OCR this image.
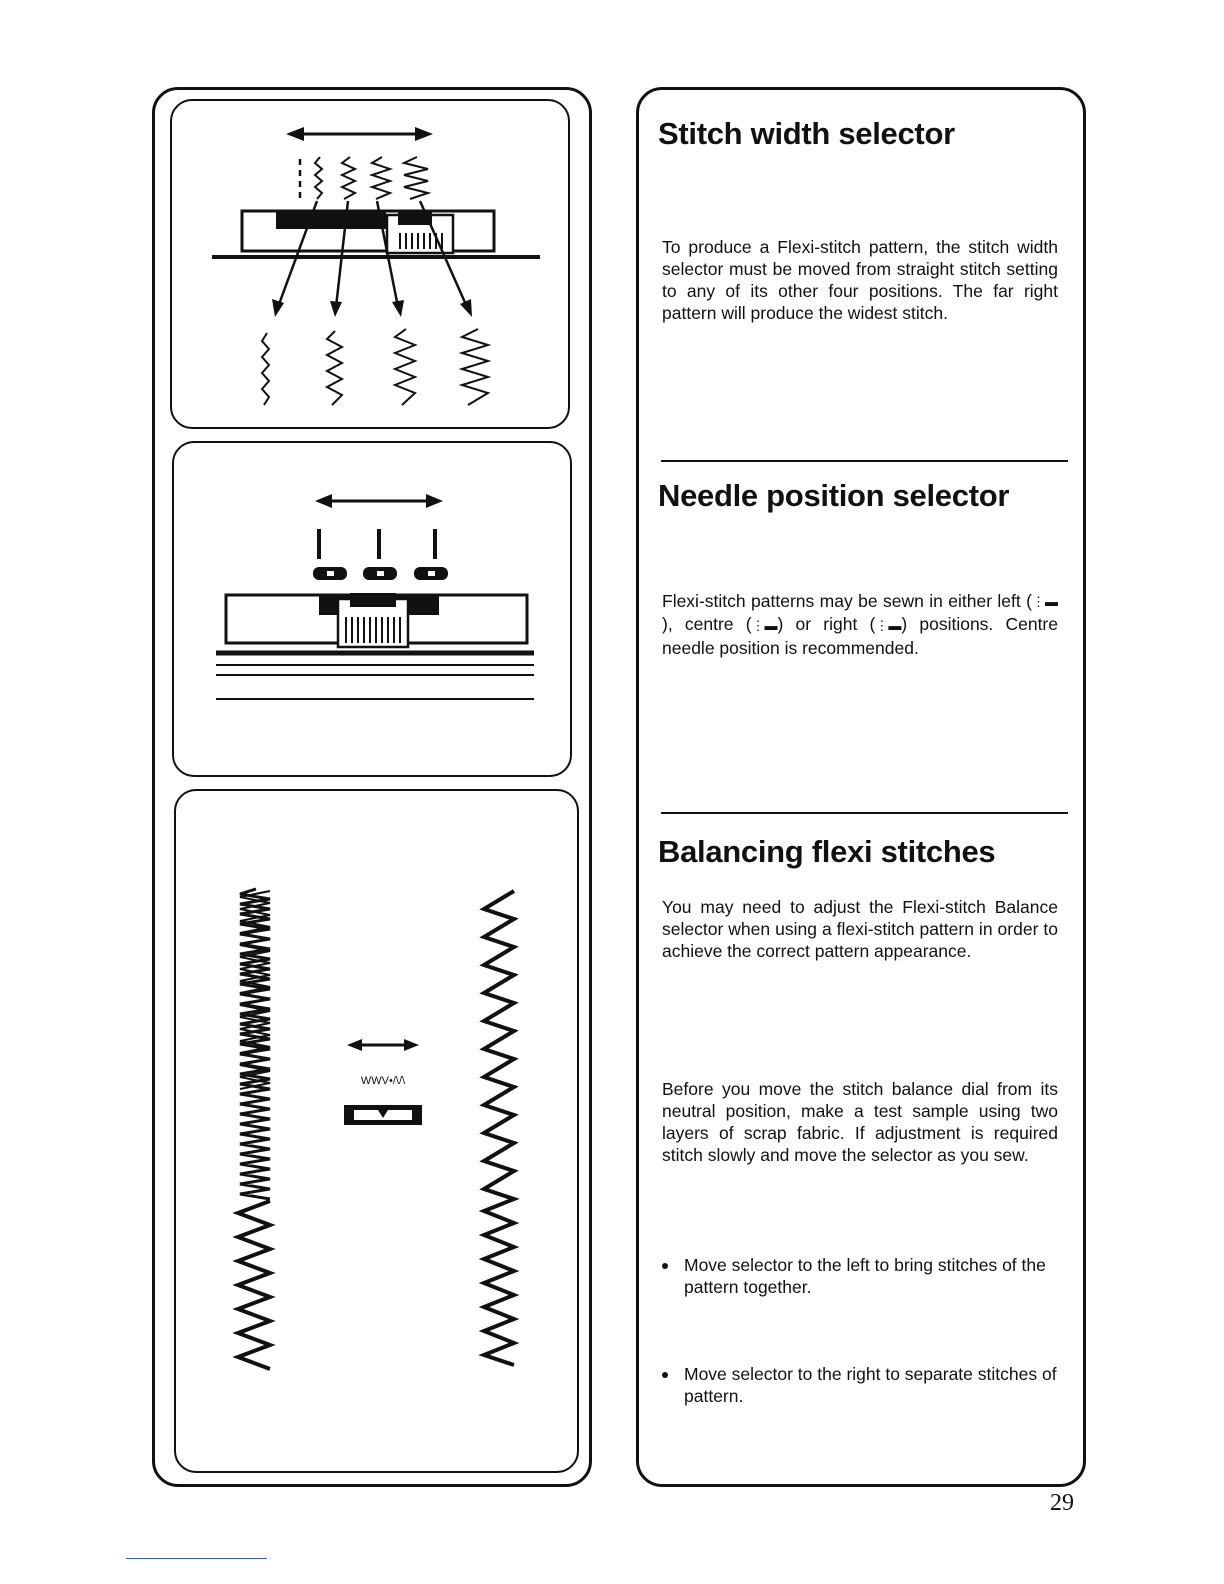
WWV•/\/\
Stitch width selector

To produce a Flexi-stitch pattern, the stitch width selector must be moved from straight stitch setting to any of its other four positions. The far right pattern will produce the widest stitch.

Needle position selector

Flexi-stitch patterns may be sewn in either left (⋮▬), centre (⋮▬) or right (⋮▬) positions. Centre needle position is recommended.

Balancing flexi stitches

You may need to adjust the Flexi-stitch Balance selector when using a flexi-stitch pattern in order to achieve the correct pattern appearance.

Before you move the stitch balance dial from its neutral position, make a test sample using two layers of scrap fabric. If adjustment is required stitch slowly and move the selector as you sew.

Move selector to the left to bring stitches of the pattern together.
Move selector to the right to separate stitches of pattern.
29
